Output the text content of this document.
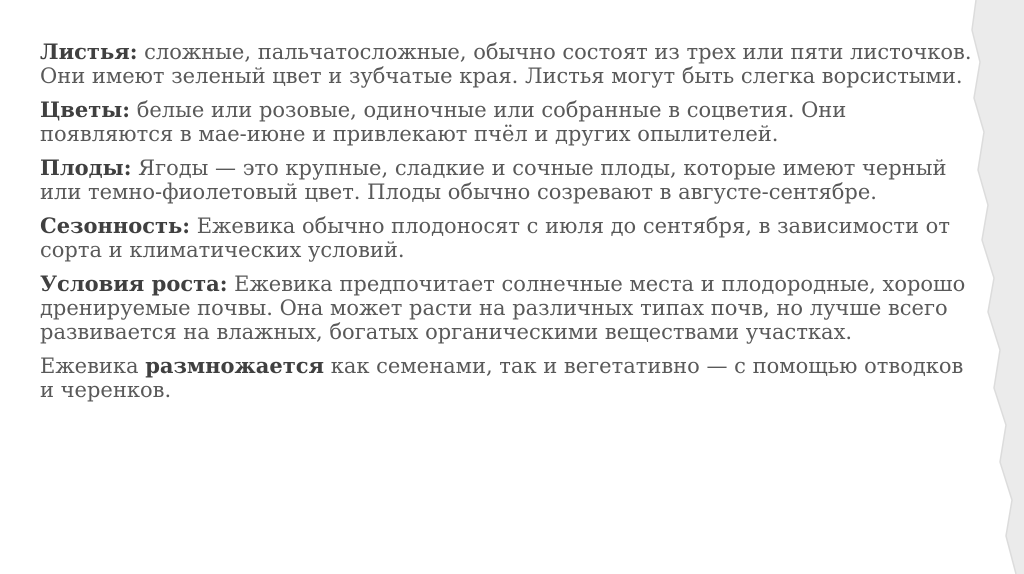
Листья: сложные, пальчатосложные, обычно состоят из трех или пяти листочков. Они имеют зеленый цвет и зубчатые края. Листья могут быть слегка ворсистыми.

Цветы: белые или розовые, одиночные или собранные в соцветия. Они появляются в мае-июне и привлекают пчёл и других опылителей.

Плоды: Ягоды — это крупные, сладкие и сочные плоды, которые имеют черный или темно-фиолетовый цвет. Плоды обычно созревают в августе-сентябре.

Сезонность: Ежевика обычно плодоносят с июля до сентября, в зависимости от сорта и климатических условий.

Условия роста: Ежевика предпочитает солнечные места и плодородные, хорошо дренируемые почвы. Она может расти на различных типах почв, но лучше всего развивается на влажных, богатых органическими веществами участках.

Ежевика размножается как семенами, так и вегетативно — с помощью отводков и черенков.
